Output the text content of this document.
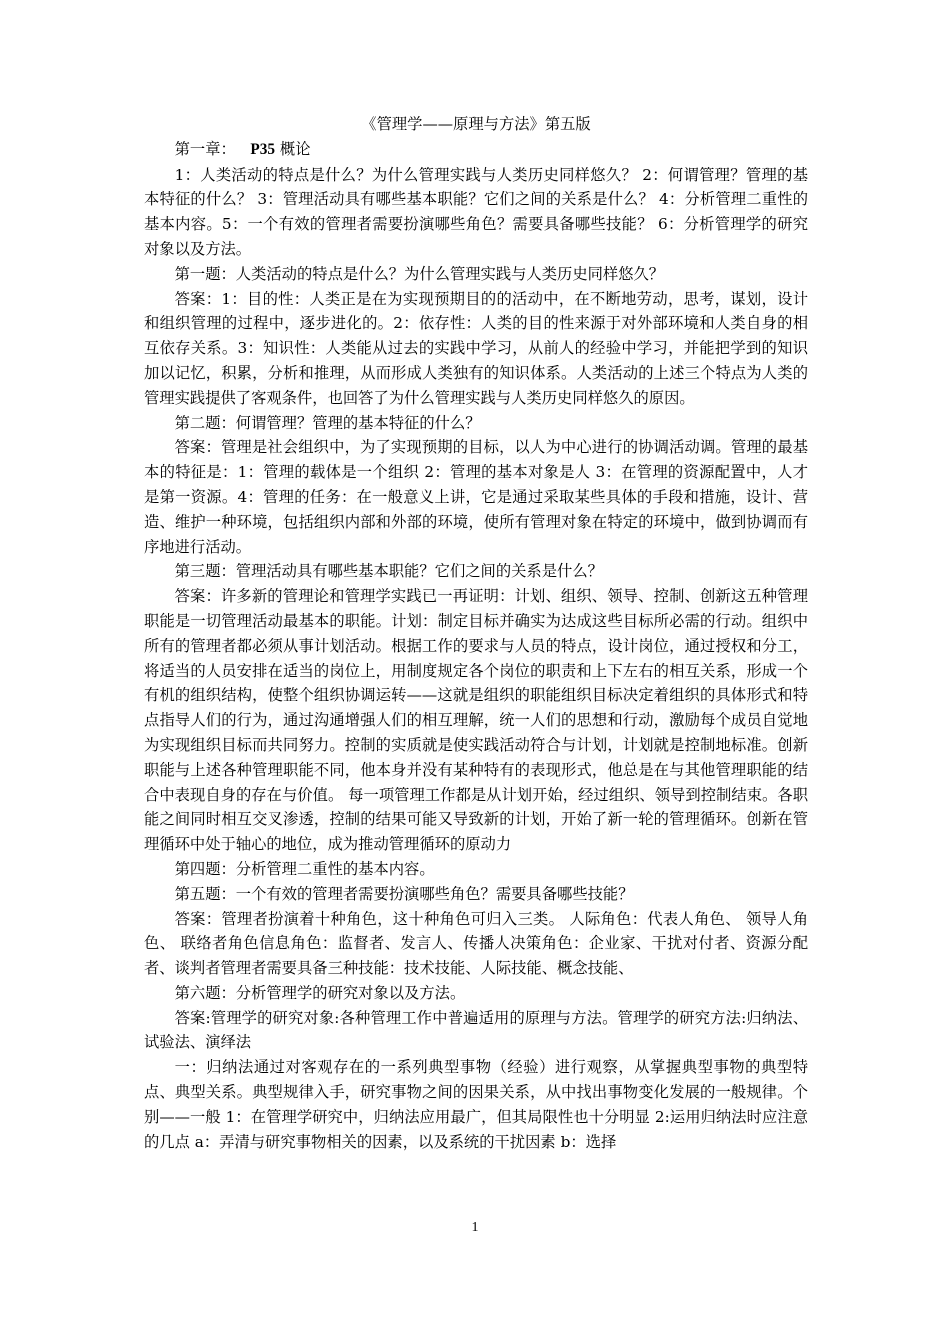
《管理学——原理与方法》第五版

第一章： P35 概论

1：人类活动的特点是什么？为什么管理实践与人类历史同样悠久？ 2：何谓管理？管理的基本特征的什么？ 3：管理活动具有哪些基本职能？它们之间的关系是什么？ 4：分析管理二重性的基本内容。5：一个有效的管理者需要扮演哪些角色？需要具备哪些技能？ 6：分析管理学的研究对象以及方法。

第一题：人类活动的特点是什么？为什么管理实践与人类历史同样悠久？

答案：1：目的性：人类正是在为实现预期目的的活动中，在不断地劳动，思考，谋划，设计和组织管理的过程中，逐步进化的。2：依存性：人类的目的性来源于对外部环境和人类自身的相互依存关系。3：知识性：人类能从过去的实践中学习，从前人的经验中学习，并能把学到的知识加以记忆，积累，分析和推理，从而形成人类独有的知识体系。人类活动的上述三个特点为人类的管理实践提供了客观条件，也回答了为什么管理实践与人类历史同样悠久的原因。

第二题：何谓管理？管理的基本特征的什么？

答案：管理是社会组织中，为了实现预期的目标，以人为中心进行的协调活动调。管理的最基本的特征是：1：管理的载体是一个组织 2：管理的基本对象是人 3：在管理的资源配置中，人才是第一资源。4：管理的任务：在一般意义上讲，它是通过采取某些具体的手段和措施，设计、营造、维护一种环境，包括组织内部和外部的环境，使所有管理对象在特定的环境中，做到协调而有序地进行活动。

第三题：管理活动具有哪些基本职能？它们之间的关系是什么？

答案：许多新的管理论和管理学实践已一再证明：计划、组织、领导、控制、创新这五种管理职能是一切管理活动最基本的职能。计划：制定目标并确实为达成这些目标所必需的行动。组织中所有的管理者都必须从事计划活动。根据工作的要求与人员的特点，设计岗位，通过授权和分工，将适当的人员安排在适当的岗位上，用制度规定各个岗位的职责和上下左右的相互关系，形成一个有机的组织结构，使整个组织协调运转——这就是组织的职能组织目标决定着组织的具体形式和特点指导人们的行为，通过沟通增强人们的相互理解，统一人们的思想和行动，激励每个成员自觉地为实现组织目标而共同努力。控制的实质就是使实践活动符合与计划，计划就是控制地标准。创新职能与上述各种管理职能不同，他本身并没有某种特有的表现形式，他总是在与其他管理职能的结合中表现自身的存在与价值。 每一项管理工作都是从计划开始，经过组织、领导到控制结束。各职能之间同时相互交叉渗透，控制的结果可能又导致新的计划，开始了新一轮的管理循环。创新在管理循环中处于轴心的地位，成为推动管理循环的原动力

第四题：分析管理二重性的基本内容。

第五题：一个有效的管理者需要扮演哪些角色？需要具备哪些技能？

答案：管理者扮演着十种角色，这十种角色可归入三类。 人际角色：代表人角色、 领导人角色、 联络者角色信息角色：监督者、发言人、传播人决策角色：企业家、干扰对付者、资源分配者、谈判者管理者需要具备三种技能：技术技能、人际技能、概念技能、

第六题：分析管理学的研究对象以及方法。

答案:管理学的研究对象:各种管理工作中普遍适用的原理与方法。管理学的研究方法:归纳法、试验法、演绎法

一：归纳法通过对客观存在的一系列典型事物（经验）进行观察，从掌握典型事物的典型特点、典型关系。典型规律入手，研究事物之间的因果关系，从中找出事物变化发展的一般规律。个别——一般 1：在管理学研究中，归纳法应用最广，但其局限性也十分明显 2:运用归纳法时应注意的几点 a：弄清与研究事物相关的因素，以及系统的干扰因素 b：选择

1
